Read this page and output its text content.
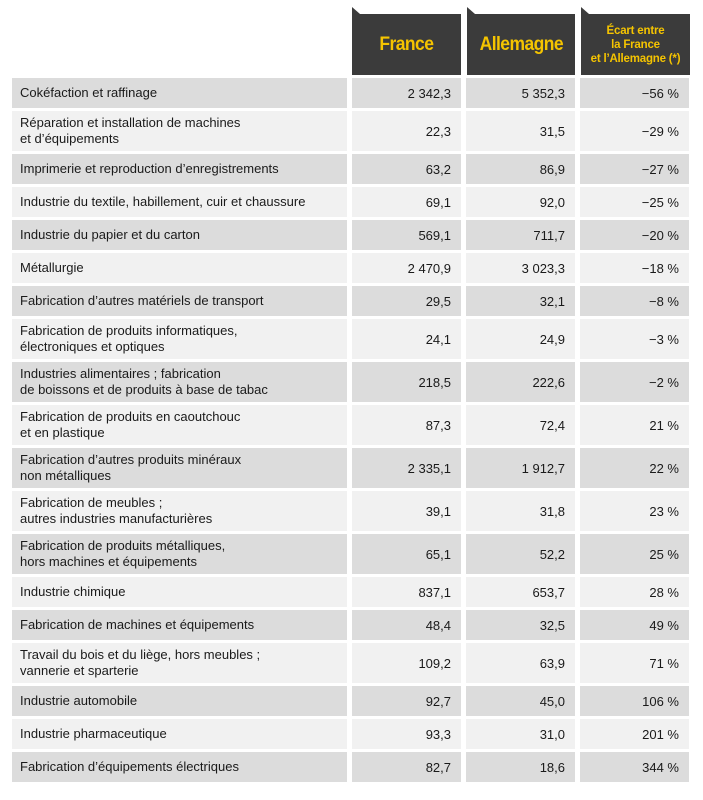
France Allemagne
Écart entre
la France
et l’Allemagne (*)
Cokéfaction et raffinage	2 342,3	5 352,3	−56 %
Réparation et installation de machines
et d’équipements	22,3	31,5	−29 %
Imprimerie et reproduction d’enregistrements	63,2	86,9	−27 %
Industrie du textile, habillement, cuir et chaussure	69,1	92,0	−25 %
Industrie du papier et du carton	569,1	711,7	−20 %
Métallurgie	2 470,9	3 023,3	−18 %
Fabrication d’autres matériels de transport	29,5	32,1	−8 %
Fabrication de produits informatiques,
électroniques et optiques	24,1	24,9	−3 %
Industries alimentaires ; fabrication
de boissons et de produits à base de tabac	218,5	222,6	−2 %
Fabrication de produits en caoutchouc
et en plastique	87,3	72,4	21 %
Fabrication d’autres produits minéraux
non métalliques	2 335,1	1 912,7	22 %
Fabrication de meubles ;
autres industries manufacturières	39,1	31,8	23 %
Fabrication de produits métalliques,
hors machines et équipements	65,1	52,2	25 %
Industrie chimique	837,1	653,7	28 %
Fabrication de machines et équipements	48,4	32,5	49 %
Travail du bois et du liège, hors meubles ;
vannerie et sparterie	109,2	63,9	71 %
Industrie automobile	92,7	45,0	106 %
Industrie pharmaceutique	93,3	31,0	201 %
Fabrication d’équipements électriques	82,7	18,6	344 %
